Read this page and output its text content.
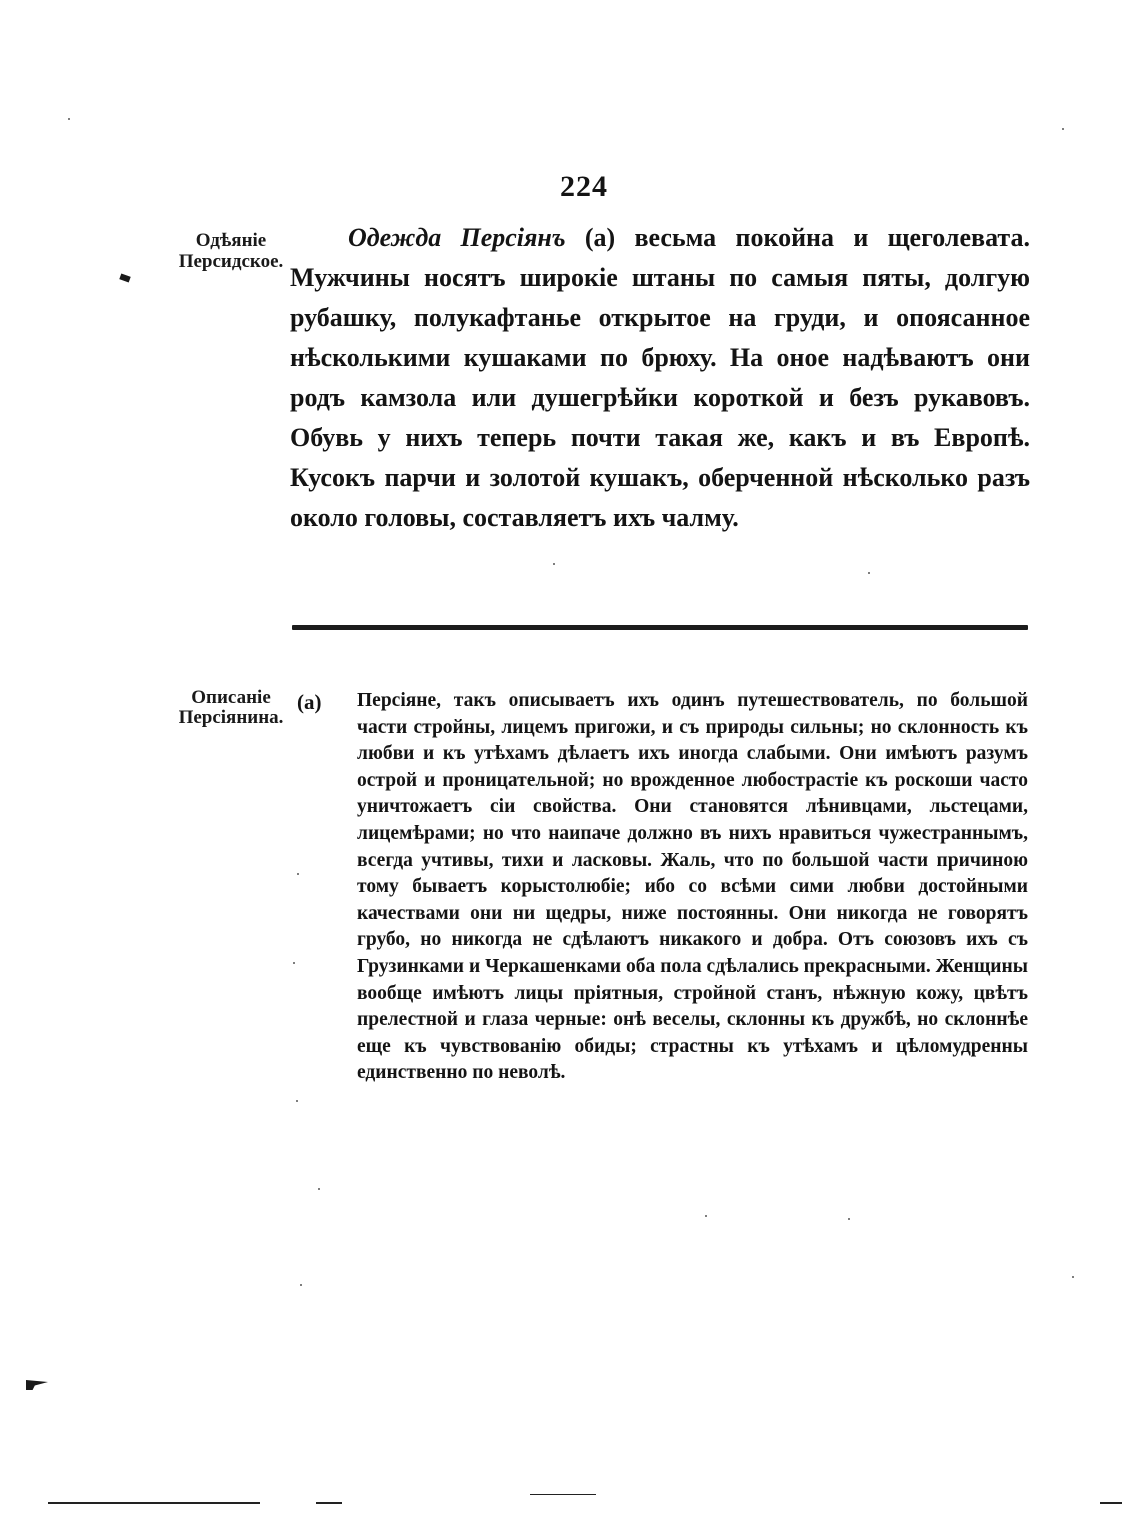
224
Одѣяніе Персидское.

Одежда Персіянъ (а) весьма покойна и щеголевата. Мужчины носятъ широкіе штаны по самыя пяты, долгую рубашку, полукафтанье открытое на груди, и опоясанное нѣсколькими кушаками по брюху. На оное надѣваютъ они родъ камзола или душегрѣйки короткой и безъ рукавовъ. Обувь у нихъ теперь почти такая же, какъ и въ Европѣ. Кусокъ парчи и золотой кушакъ, оберченной нѣсколько разъ около головы, составляетъ ихъ чалму.

Описаніе Персіянина.
(а) Персіяне, такъ описываетъ ихъ одинъ путешествователь, по большой части стройны, лицемъ пригожи, и съ природы сильны; но склонность къ любви и къ утѣхамъ дѣлаетъ ихъ иногда слабыми. Они имѣютъ разумъ острой и проницательной; но врожденное любострастіе къ роскоши часто уничтожаетъ сіи свойства. Они становятся лѣнивцами, льстецами, лицемѣрами; но что наипаче должно въ нихъ нравиться чужестраннымъ, всегда учтивы, тихи и ласковы. Жаль, что по большой части причиною тому бываетъ корыстолюбіе; ибо со всѣми сими любви достойными качествами они ни щедры, ниже постоянны. Они никогда не говорятъ грубо, но никогда не сдѣлаютъ никакого и добра. Отъ союзовъ ихъ съ Грузинками и Черкашенками оба пола сдѣлались прекрасными. Женщины вообще имѣютъ лицы пріятныя, стройной станъ, нѣжную кожу, цвѣтъ прелестной и глаза черные: онѣ веселы, склонны къ дружбѣ, но склоннѣе еще къ чувствованію обиды; страстны къ утѣхамъ и цѣломудренны единственно по неволѣ.
